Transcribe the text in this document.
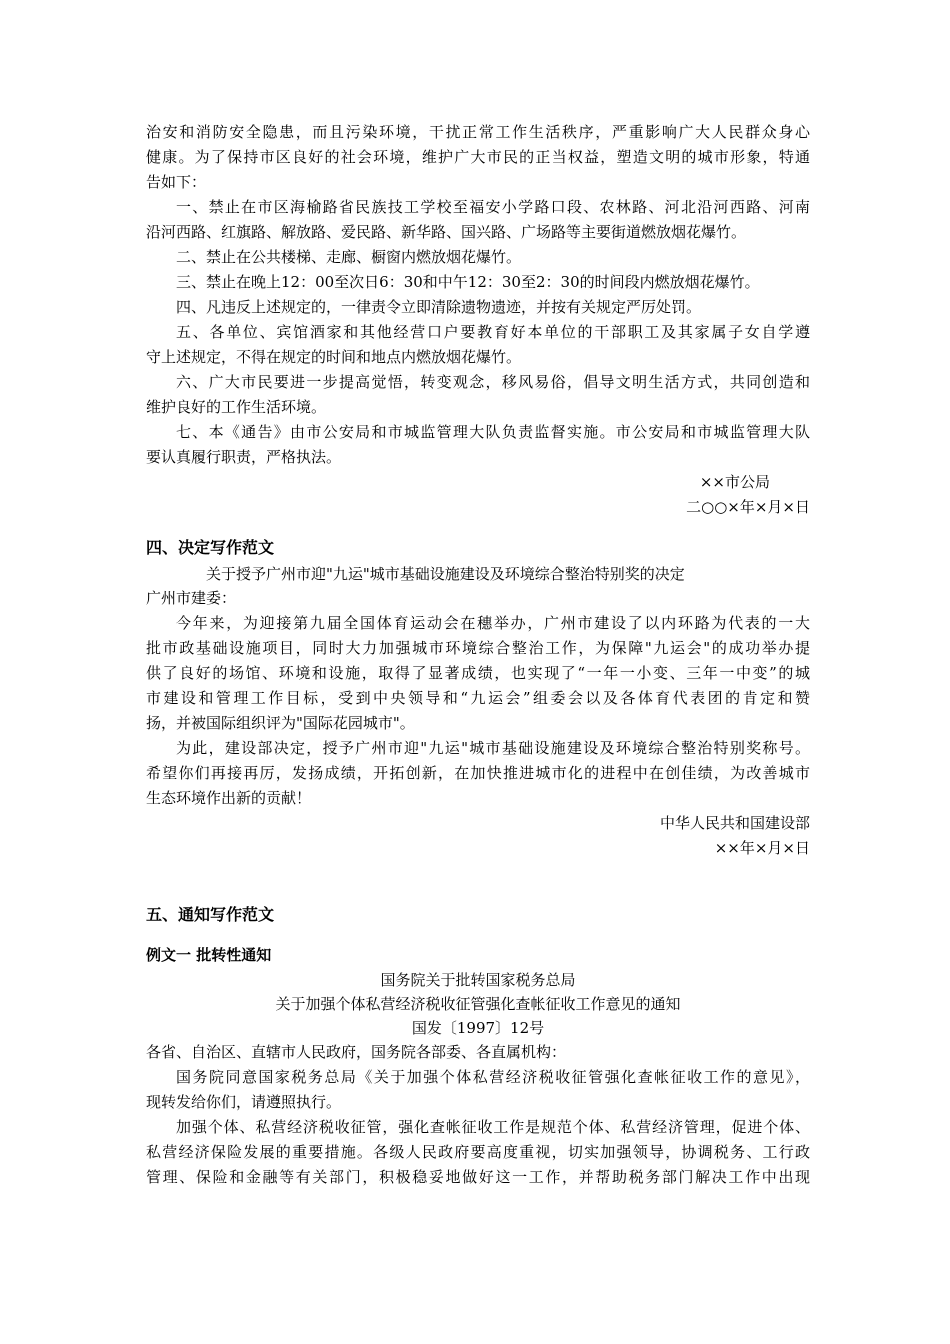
治安和消防安全隐患，而且污染环境，干扰正常工作生活秩序，严重影响广大人民群众身心
健康。为了保持市区良好的社会环境，维护广大市民的正当权益，塑造文明的城市形象，特通
告如下：
一、禁止在市区海榆路省民族技工学校至福安小学路口段、农林路、河北沿河西路、河南
沿河西路、红旗路、解放路、爱民路、新华路、国兴路、广场路等主要街道燃放烟花爆竹。
二、禁止在公共楼梯、走廊、橱窗内燃放烟花爆竹。
三、禁止在晚上12：00至次日6：30和中午12：30至2：30的时间段内燃放烟花爆竹。
四、凡违反上述规定的，一律责令立即清除遗物遗迹，并按有关规定严厉处罚。
五、各单位、宾馆酒家和其他经营口户要教育好本单位的干部职工及其家属子女自学遵
守上述规定，不得在规定的时间和地点内燃放烟花爆竹。
六、广大市民要进一步提高觉悟，转变观念，移风易俗，倡导文明生活方式，共同创造和
维护良好的工作生活环境。
七、本《通告》由市公安局和市城监管理大队负责监督实施。市公安局和市城监管理大队
要认真履行职责，严格执法。
××市公局
二○○×年×月×日
四、决定写作范文
关于授予广州市迎"九运"城市基础设施建设及环境综合整治特别奖的决定
广州市建委：
今年来，为迎接第九届全国体育运动会在穗举办，广州市建设了以内环路为代表的一大
批市政基础设施项目，同时大力加强城市环境综合整治工作，为保障"九运会"的成功举办提
供了良好的场馆、环境和设施，取得了显著成绩，也实现了“一年一小变、三年一中变”的城
市建设和管理工作目标，受到中央领导和“九运会”组委会以及各体育代表团的肯定和赞
扬，并被国际组织评为"国际花园城市"。
为此，建设部决定，授予广州市迎"九运"城市基础设施建设及环境综合整治特别奖称号。
希望你们再接再厉，发扬成绩，开拓创新，在加快推进城市化的进程中在创佳绩，为改善城市
生态环境作出新的贡献！
中华人民共和国建设部
××年×月×日
五、通知写作范文
例文一 批转性通知
国务院关于批转国家税务总局
关于加强个体私营经济税收征管强化查帐征收工作意见的通知
国发〔1997〕12号
各省、自治区、直辖市人民政府，国务院各部委、各直属机构：
国务院同意国家税务总局《关于加强个体私营经济税收征管强化查帐征收工作的意见》，
现转发给你们，请遵照执行。
加强个体、私营经济税收征管，强化查帐征收工作是规范个体、私营经济管理，促进个体、
私营经济保险发展的重要措施。各级人民政府要高度重视，切实加强领导，协调税务、工行政
管理、保险和金融等有关部门，积极稳妥地做好这一工作，并帮助税务部门解决工作中出现
